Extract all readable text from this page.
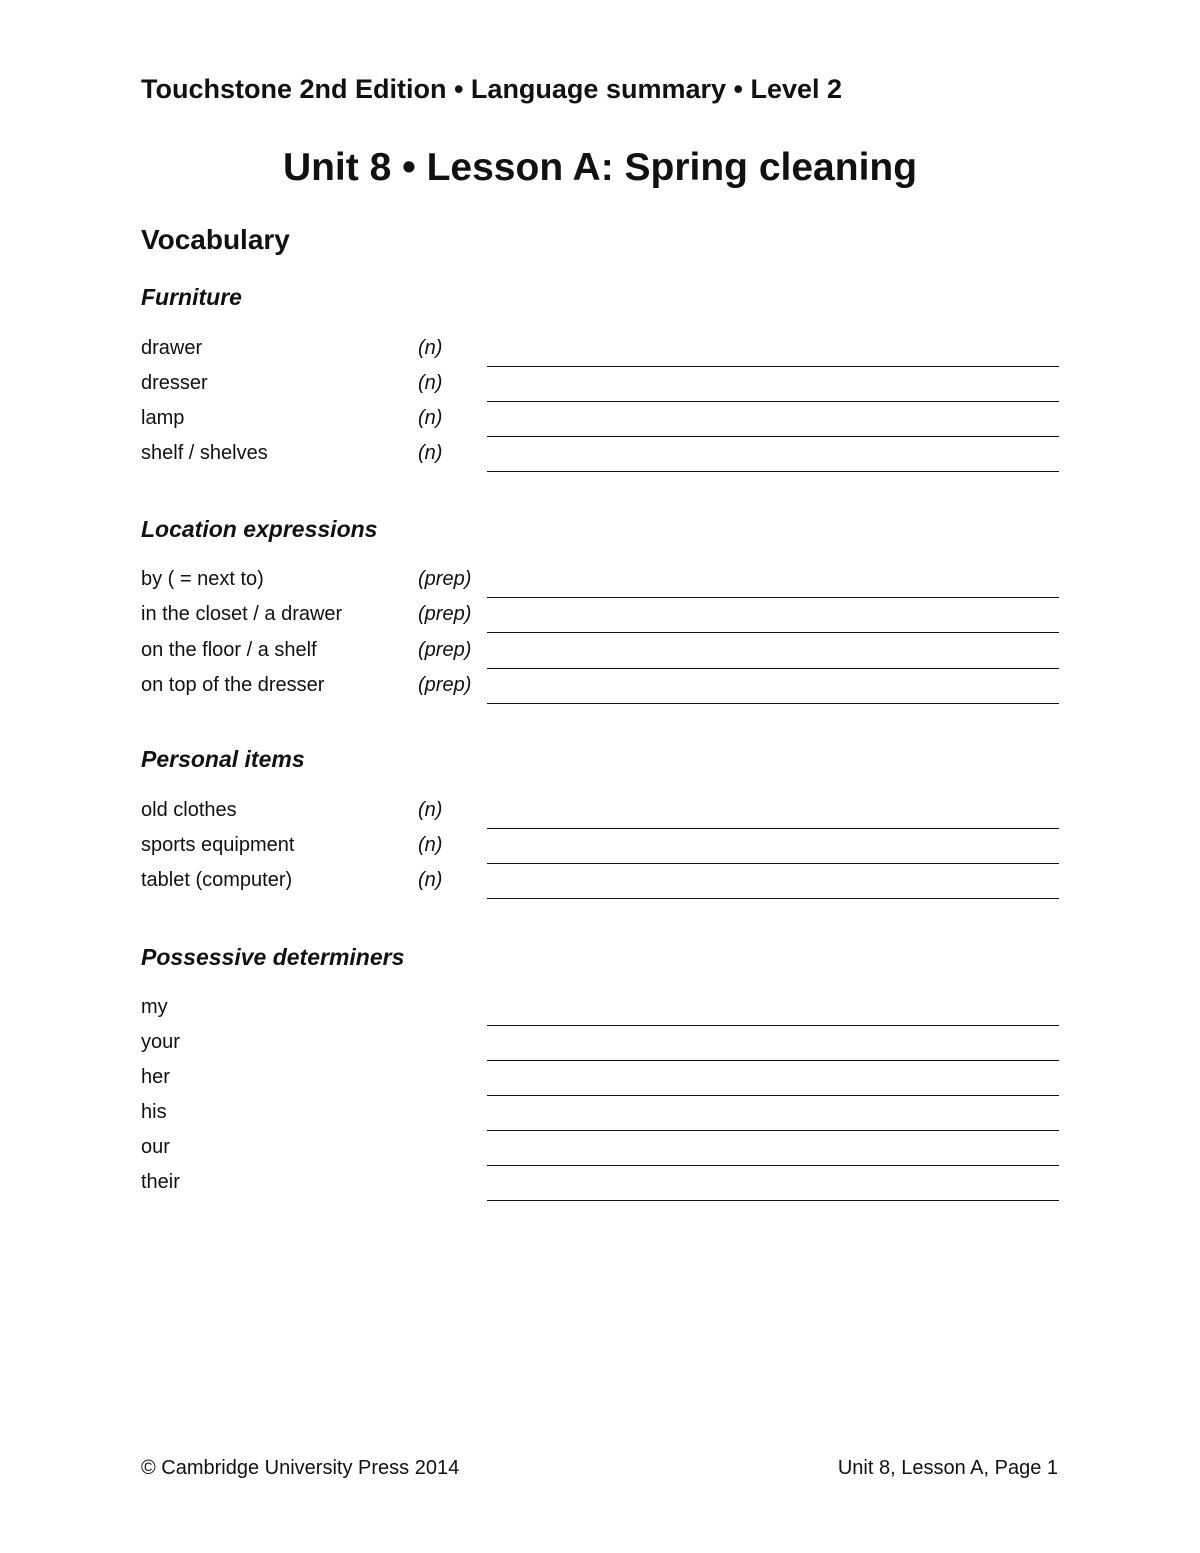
Touchstone 2nd Edition • Language summary • Level 2
Unit 8 • Lesson A: Spring cleaning
Vocabulary
Furniture
drawer	(n)
dresser	(n)
lamp	(n)
shelf / shelves	(n)
Location expressions
by ( = next to)	(prep)
in the closet / a drawer	(prep)
on the floor / a shelf	(prep)
on top of the dresser	(prep)
Personal items
old clothes	(n)
sports equipment	(n)
tablet (computer)	(n)
Possessive determiners
my
your
her
his
our
their
© Cambridge University Press 2014	Unit 8, Lesson A, Page 1
